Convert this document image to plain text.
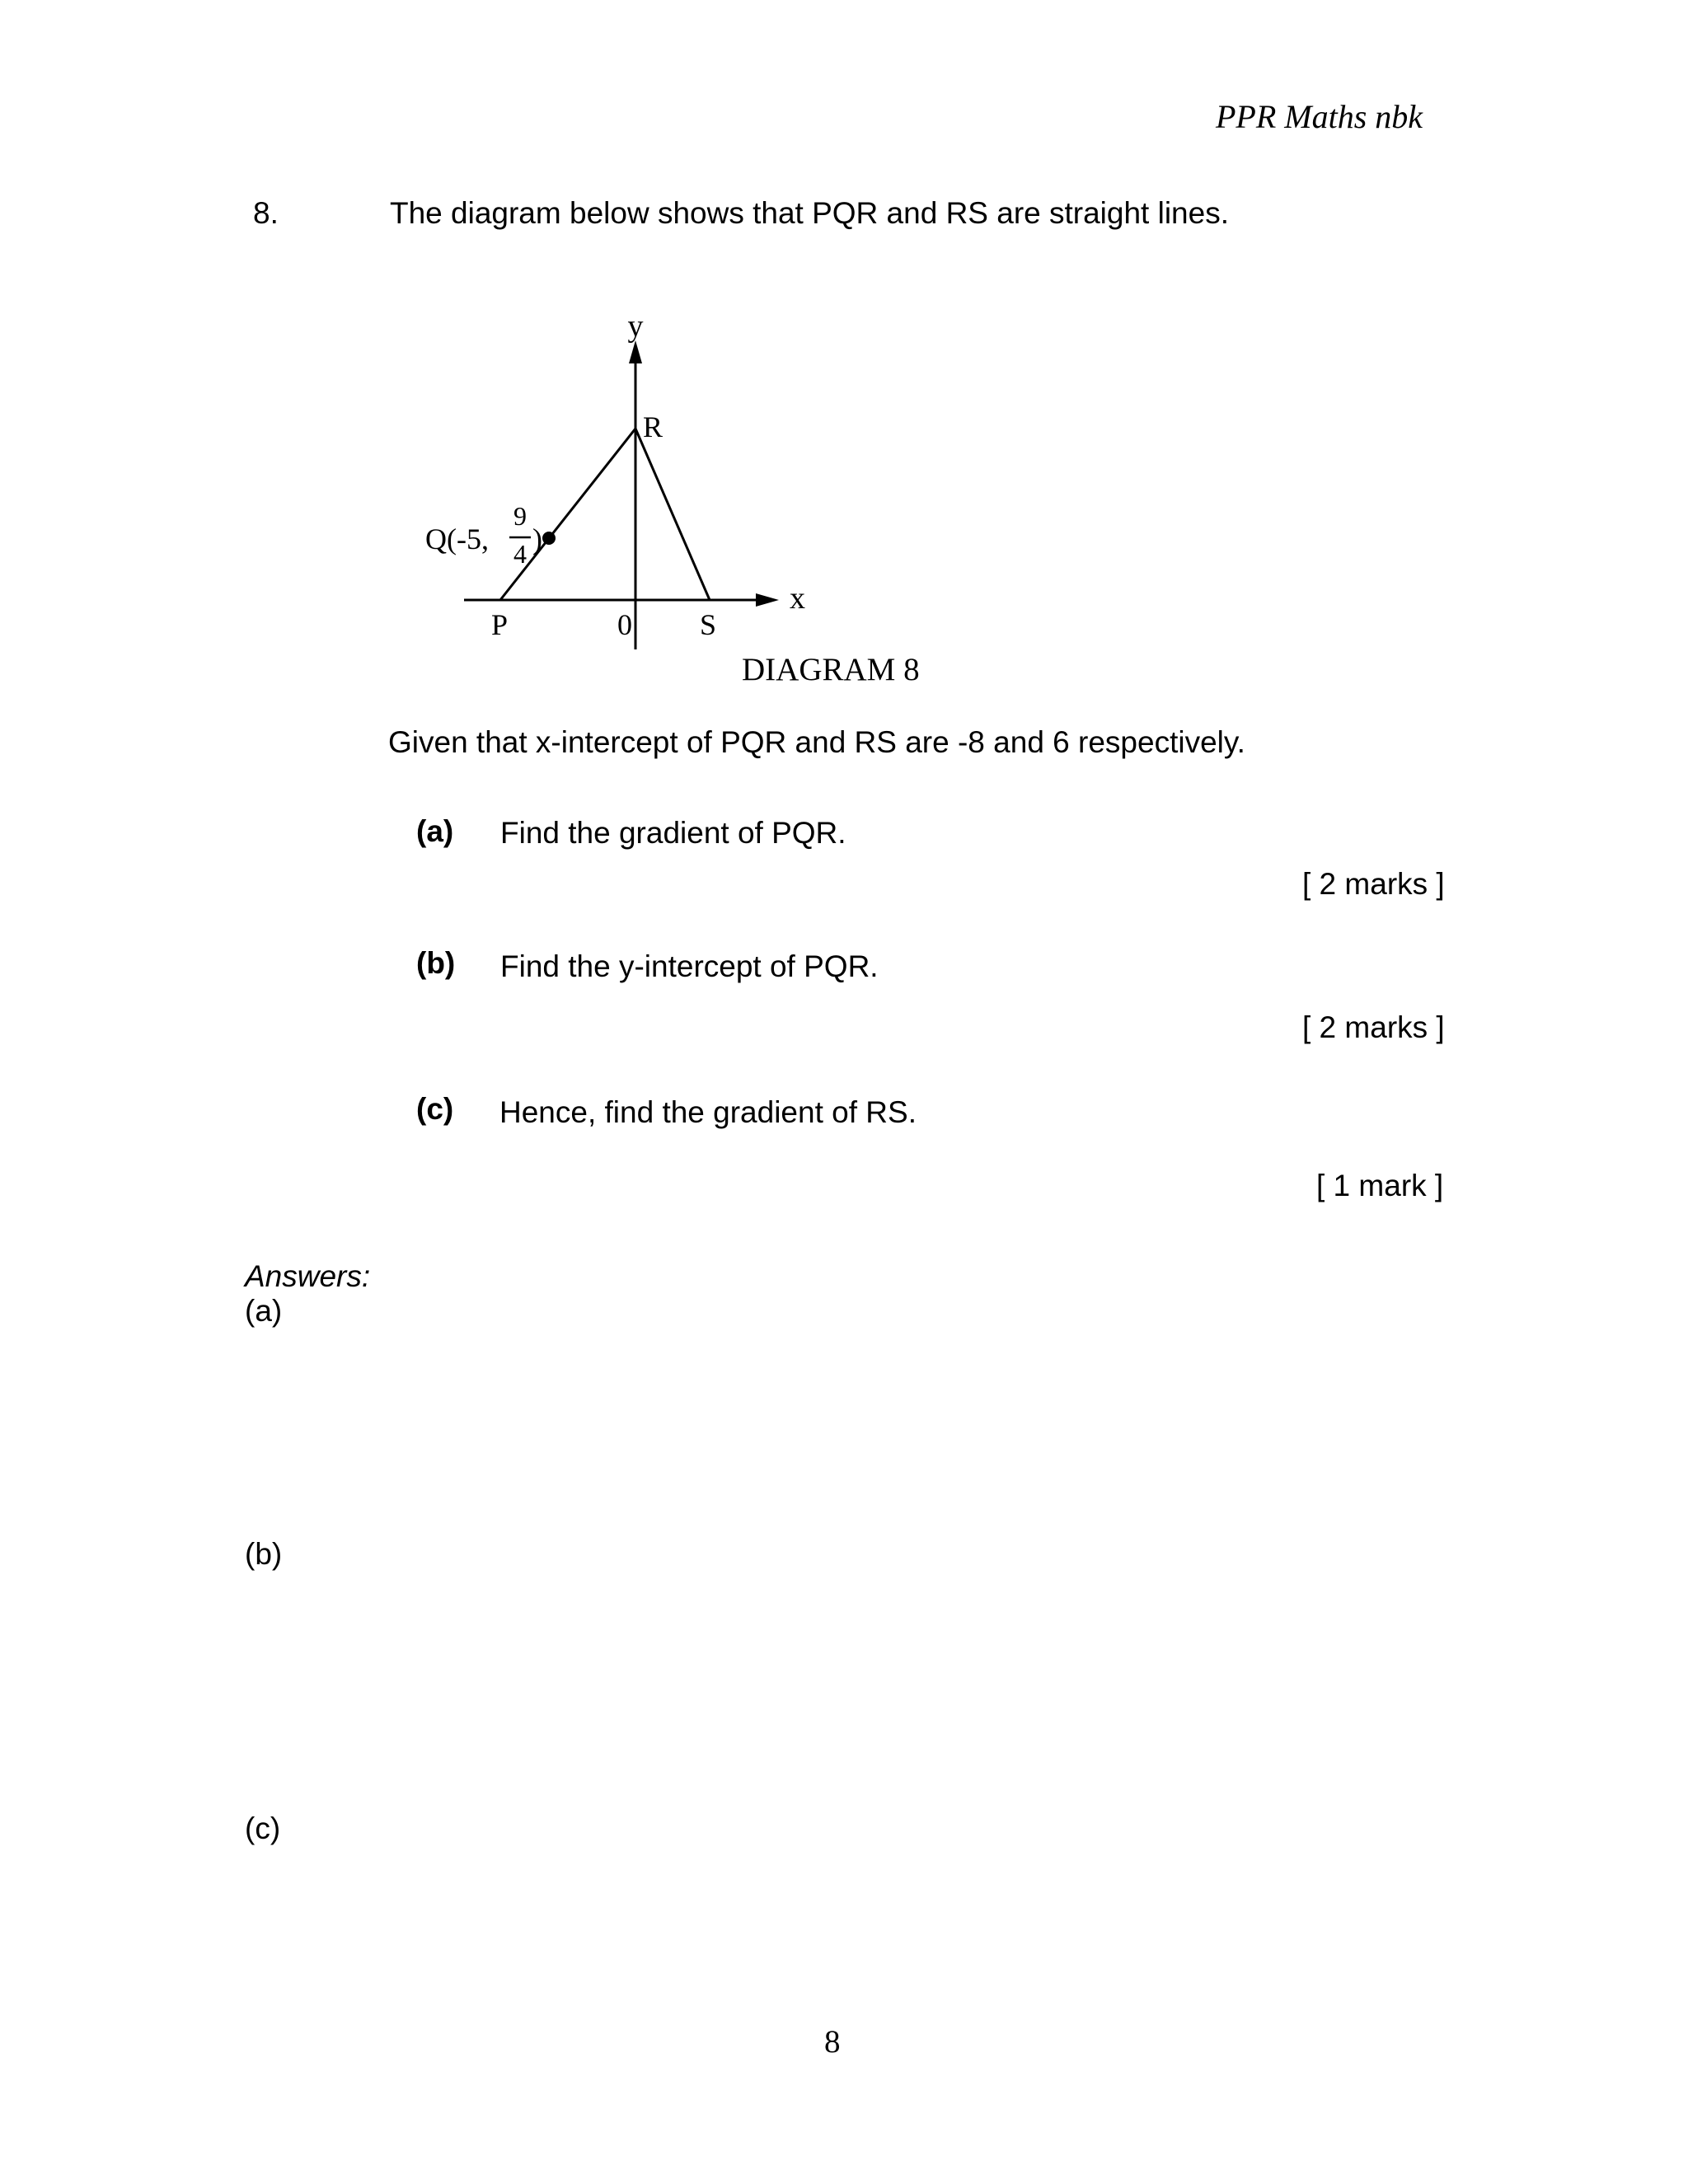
PPR Maths nbk
8.	The diagram below shows that PQR and RS are straight lines.
y
x
R
P	S
0
Q(-5,
9
4 )
DIAGRAM 8
Given that x-intercept of PQR and RS are -8 and 6 respectively.
(a) Find the gradient of PQR.
[ 2 marks ]
(b) Find the y-intercept of PQR.
[ 2 marks ]
(c) Hence, find the gradient of RS.
[ 1 mark ]
Answers:
(a)
(b)
(c)
8
